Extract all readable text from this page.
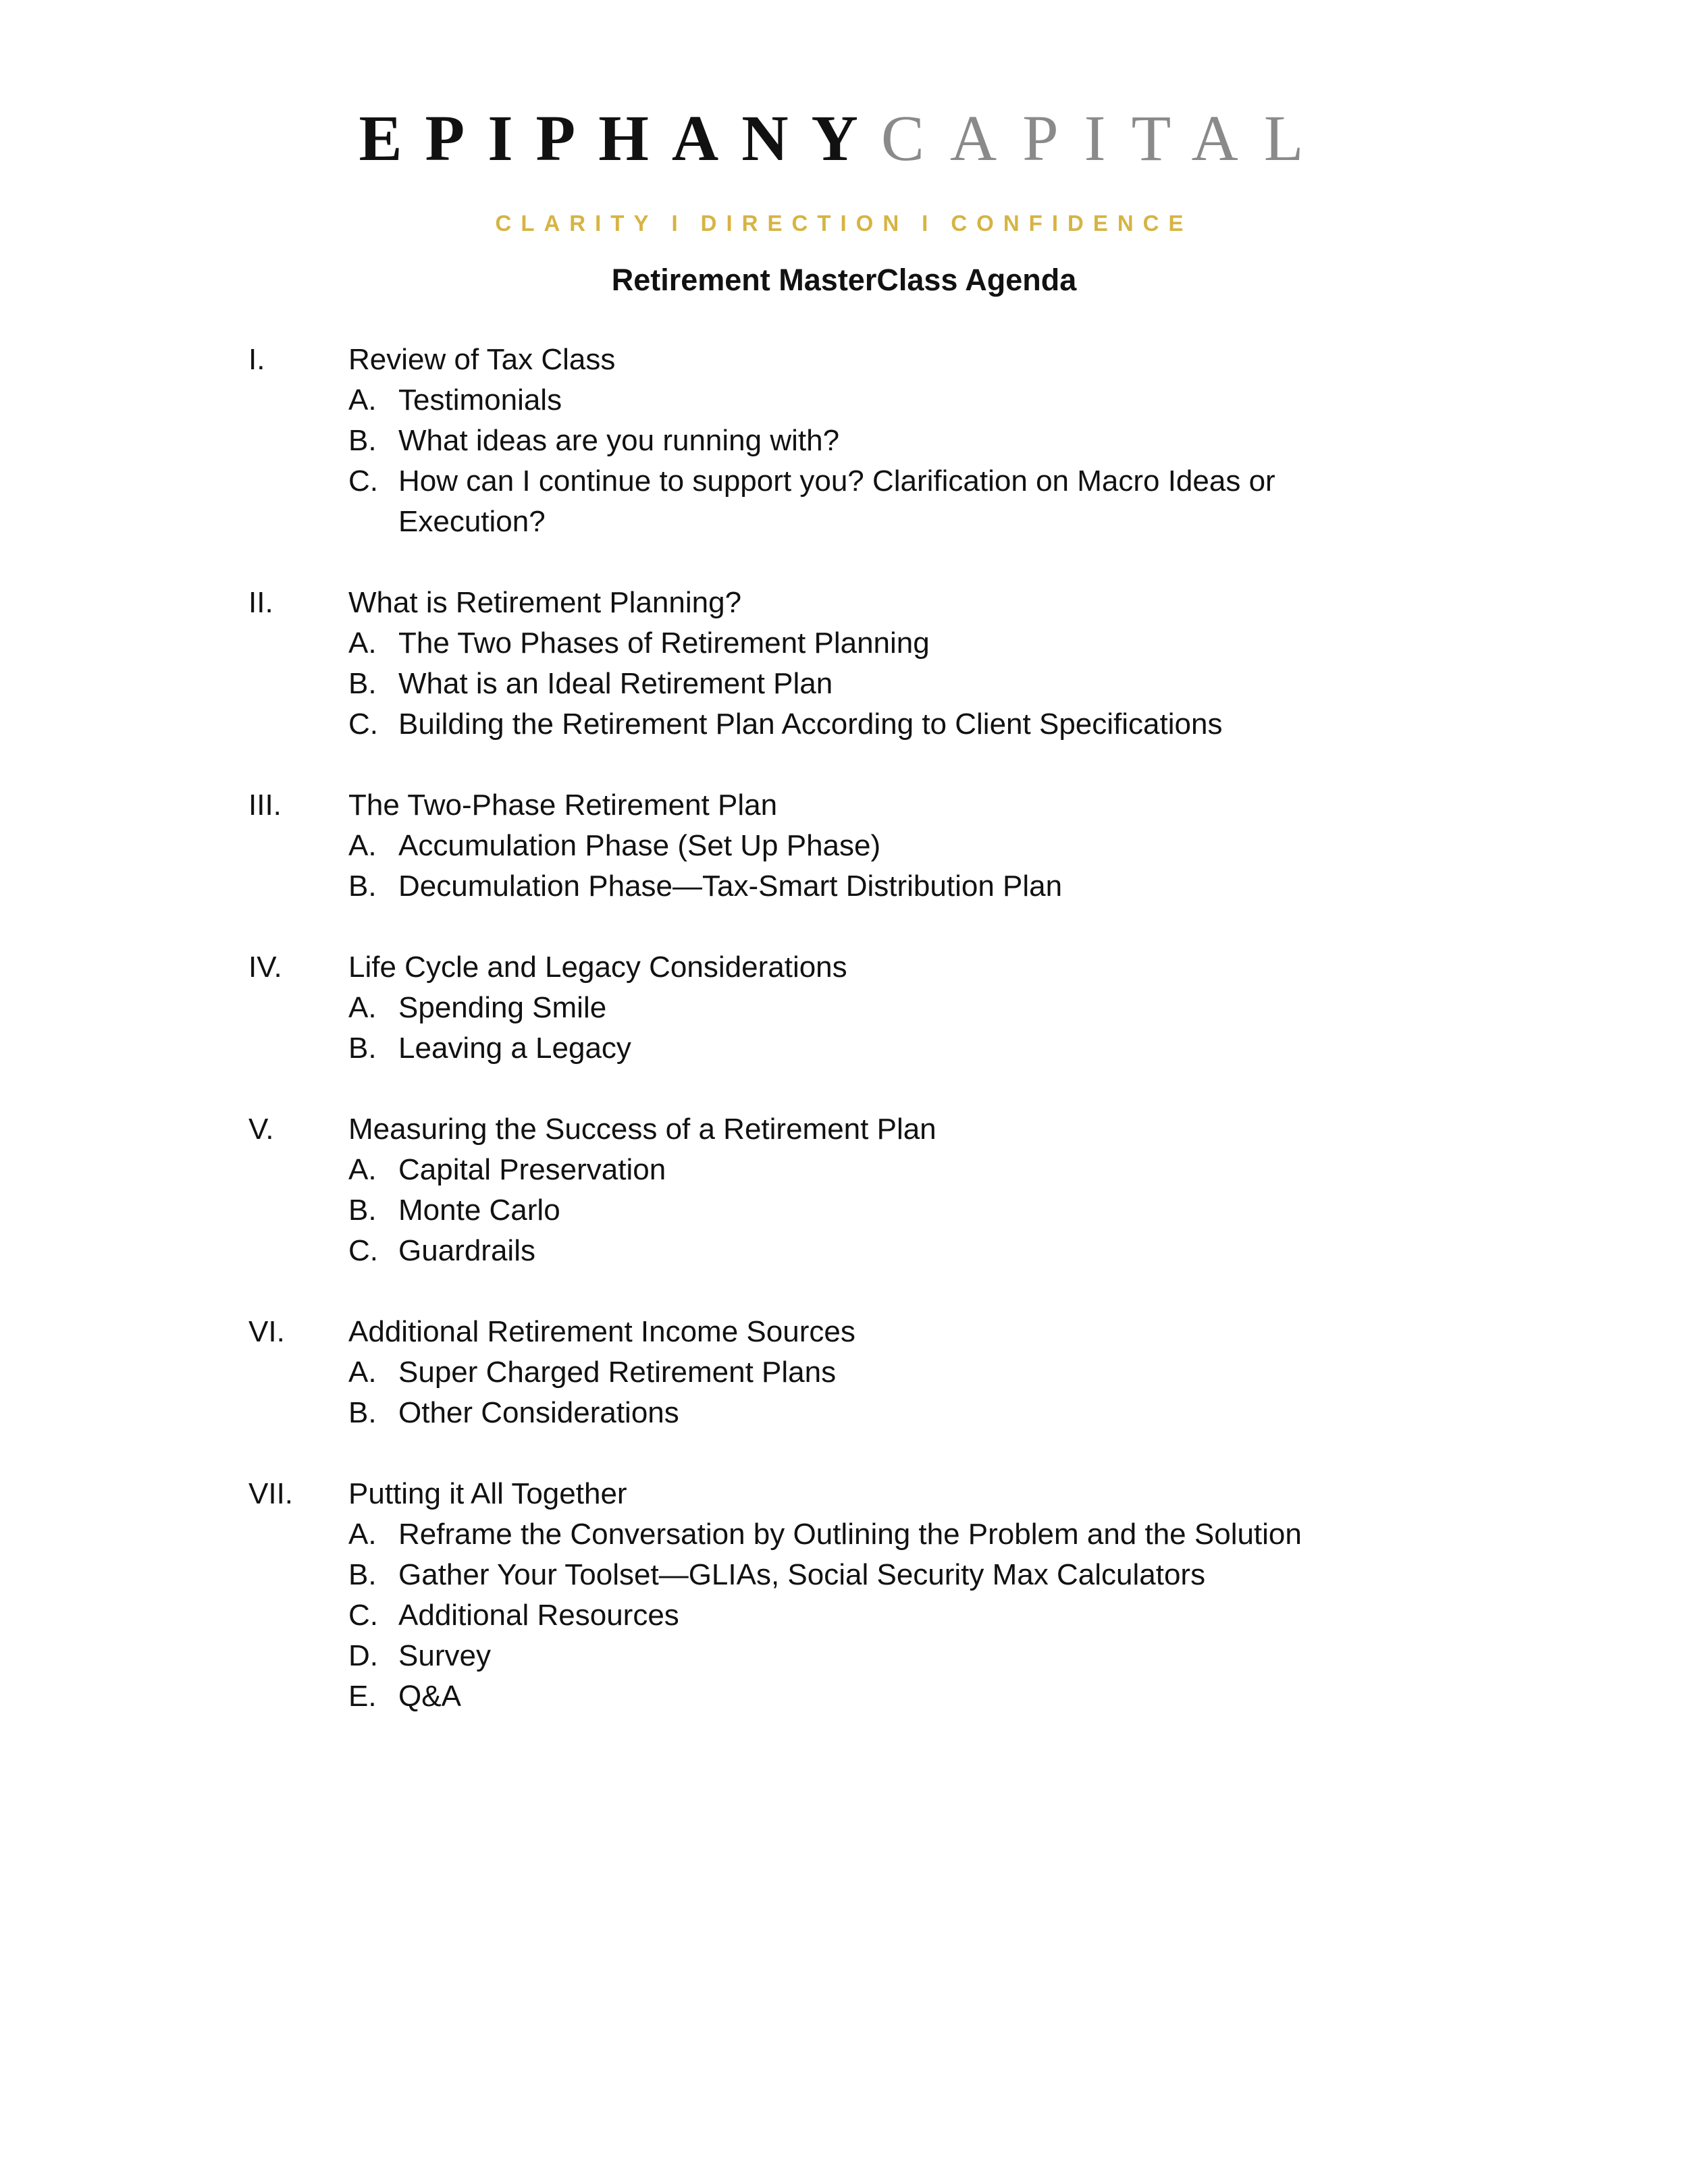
EPIPHANYCAPITAL
CLARITY I DIRECTION I CONFIDENCE
Retirement MasterClass Agenda
I.	Review of Tax Class
A. Testimonials
B. What ideas are you running with?
C. How can I continue to support you? Clarification on Macro Ideas or Execution?
II.	What is Retirement Planning?
A. The Two Phases of Retirement Planning
B. What is an Ideal Retirement Plan
C. Building the Retirement Plan According to Client Specifications
III. The Two-Phase Retirement Plan
A. Accumulation Phase (Set Up Phase)
B. Decumulation Phase—Tax-Smart Distribution Plan
IV. Life Cycle and Legacy Considerations
A. Spending Smile
B. Leaving a Legacy
V.	Measuring the Success of a Retirement Plan
A. Capital Preservation
B. Monte Carlo
C. Guardrails
VI. Additional Retirement Income Sources
A. Super Charged Retirement Plans
B. Other Considerations
VII. Putting it All Together
A. Reframe the Conversation by Outlining the Problem and the Solution
B. Gather Your Toolset—GLIAs, Social Security Max Calculators
C. Additional Resources
D. Survey
E. Q&A
